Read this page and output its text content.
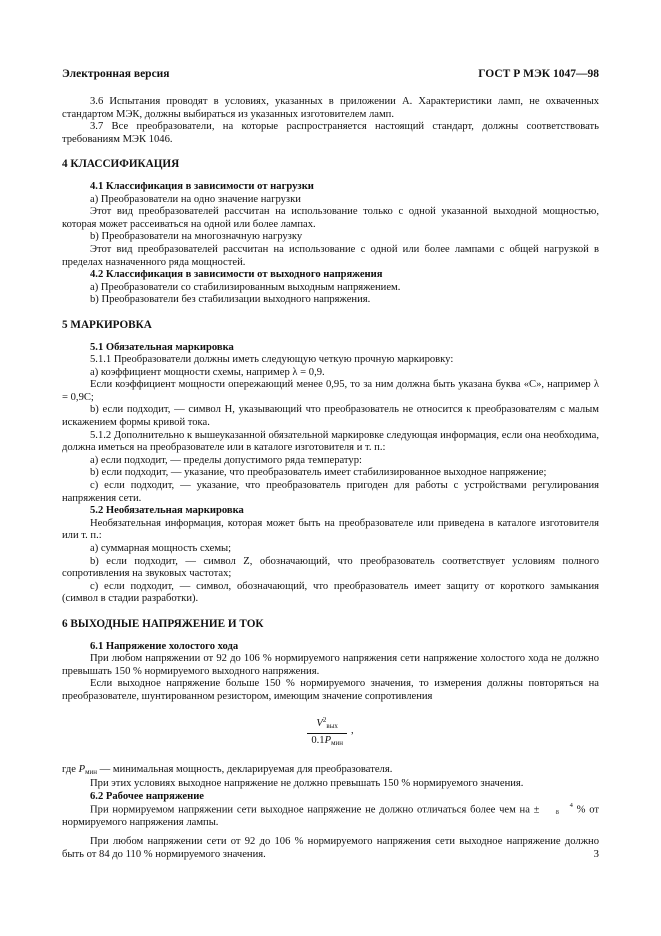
Электронная версия	ГОСТ Р МЭК 1047—98

3.6 Испытания проводят в условиях, указанных в приложении А. Характеристики ламп, не охваченных стандартом МЭК, должны выбираться из указанных изготовителем ламп.

3.7 Все преобразователи, на которые распространяется настоящий стандарт, должны соответствовать требованиям МЭК 1046.

4 КЛАССИФИКАЦИЯ

4.1 Классификация в зависимости от нагрузки

а) Преобразователи на одно значение нагрузки

Этот вид преобразователей рассчитан на использование только с одной указанной выходной мощностью, которая может рассеиваться на одной или более лампах.

b) Преобразователи на многозначную нагрузку

Этот вид преобразователей рассчитан на использование с одной или более лампами с общей нагрузкой в пределах назначенного ряда мощностей.

4.2 Классификация в зависимости от выходного напряжения

а) Преобразователи со стабилизированным выходным напряжением.

b) Преобразователи без стабилизации выходного напряжения.

5 МАРКИРОВКА

5.1 Обязательная маркировка

5.1.1 Преобразователи должны иметь следующую четкую прочную маркировку:

а) коэффициент мощности схемы, например λ = 0,9.

Если коэффициент мощности опережающий менее 0,95, то за ним должна быть указана буква «С», например λ = 0,9С;

b) если подходит, — символ H, указывающий что преобразователь не относится к преобразователям с малым искажением формы кривой тока.

5.1.2 Дополнительно к вышеуказанной обязательной маркировке следующая информация, если она необходима, должна иметься на преобразователе или в каталоге изготовителя и т. п.:

а) если подходит, — пределы допустимого ряда температур:

b) если подходит, — указание, что преобразователь имеет стабилизированное выходное напряжение;

c) если подходит, — указание, что преобразователь пригоден для работы с устройствами регулирования напряжения сети.

5.2 Необязательная маркировка

Необязательная информация, которая может быть на преобразователе или приведена в каталоге изготовителя или т. п.:

а) суммарная мощность схемы;

b) если подходит, — символ Z, обозначающий, что преобразователь соответствует условиям полного сопротивления на звуковых частотах;

c) если подходит, — символ, обозначающий, что преобразователь имеет защиту от короткого замыкания (символ в стадии разработки).

6 ВЫХОДНЫЕ НАПРЯЖЕНИЕ И ТОК

6.1 Напряжение холостого хода

При любом напряжении от 92 до 106 % нормируемого напряжения сети напряжение холостого хода не должно превышать 150 % нормируемого выходного напряжения.

Если выходное напряжение больше 150 % нормируемого значения, то измерения должны повторяться на преобразователе, шунтированном резистором, имеющим значение сопротивления

$\frac{V^2_{вых}}{0.1P_{мин}}$ ,

где $P_{мин}$ — минимальная мощность, декларируемая для преобразователя.

При этих условиях выходное напряжение не должно превышать 150 % нормируемого значения.

6.2 Рабочее напряжение

При нормируемом напряжении сети выходное напряжение не должно отличаться более чем на ± 	4
8 % от нормируемого напряжения лампы.

При любом напряжении сети от 92 до 106 % нормируемого напряжения сети выходное напряжение должно быть от 84 до 110 % нормируемого значения.	3
